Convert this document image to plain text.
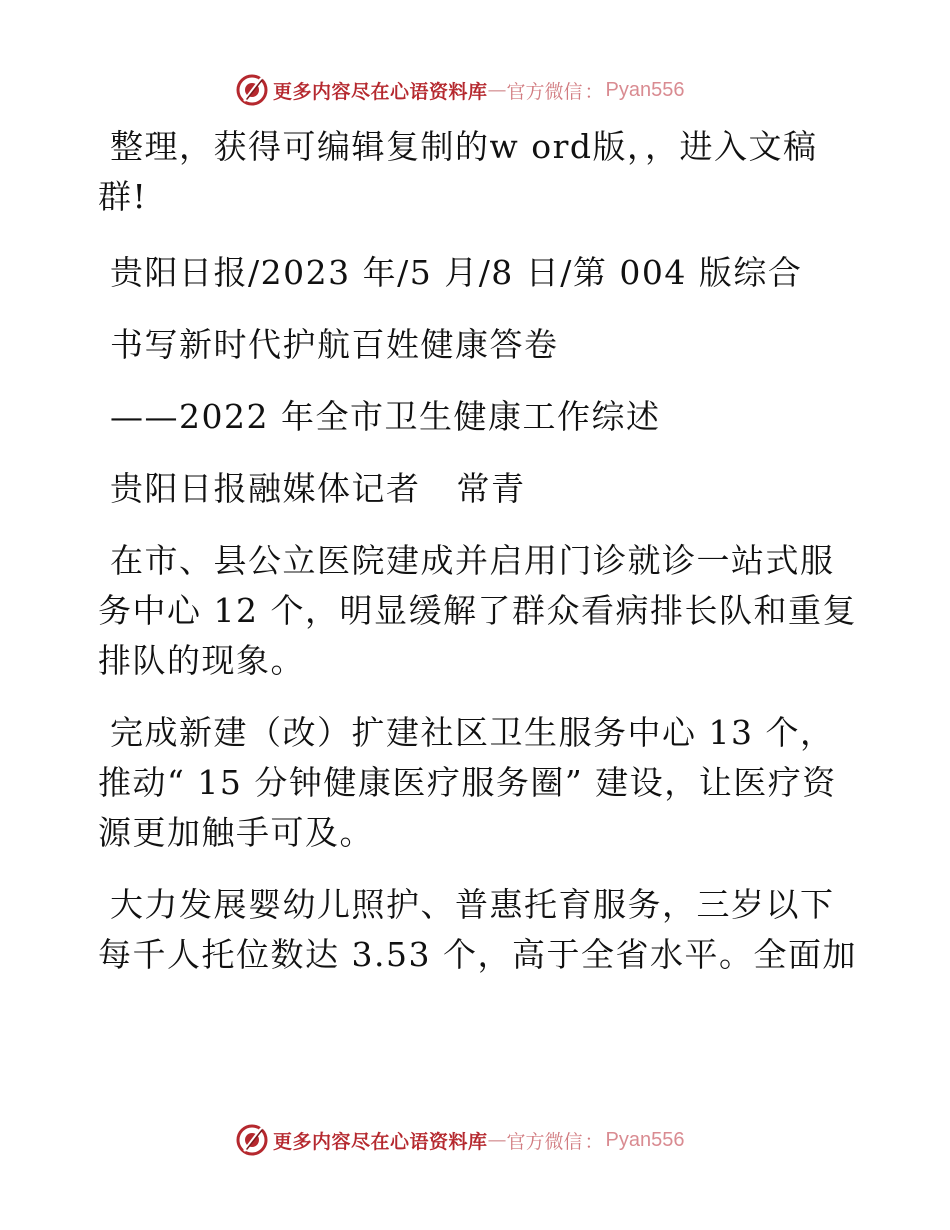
更多内容尽在心语资料库 — 官方微信 ： Pyan556

整理，获得可编辑复制的w ord版，，进入文稿群!

贵阳日报/2023 年/5 月/8 日/第 004 版综合

书写新时代护航百姓健康答卷

——2022 年全市卫生健康工作综述

贵阳日报融媒体记者   常青

在市、县公立医院建成并启用门诊就诊一站式服务中心 12 个，明显缓解了群众看病排长队和重复排队的现象。

完成新建（改）扩建社区卫生服务中心 13 个，推动“ 15 分钟健康医疗服务圈” 建设，让医疗资源更加触手可及。

大力发展婴幼儿照护、普惠托育服务，三岁以下每千人托位数达 3.53 个，高于全省水平。全面加

更多内容尽在心语资料库 — 官方微信 ： Pyan556
